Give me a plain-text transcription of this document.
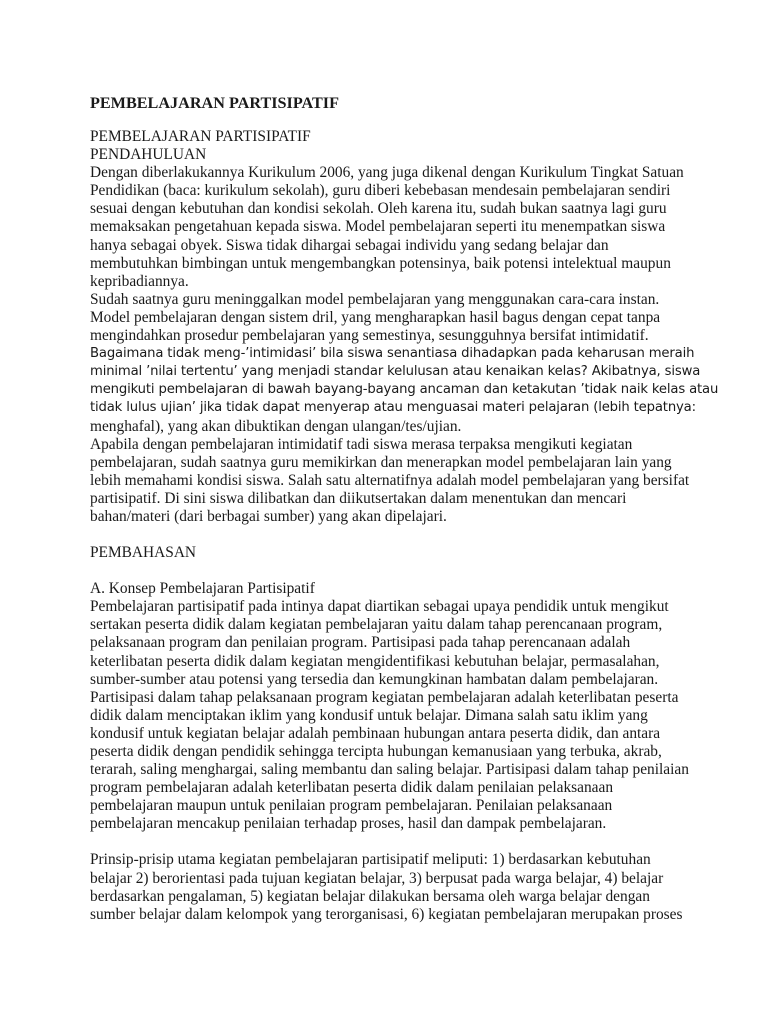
PEMBELAJARAN PARTISIPATIF
PEMBELAJARAN PARTISIPATIF
PENDAHULUAN
Dengan diberlakukannya Kurikulum 2006, yang juga dikenal dengan Kurikulum Tingkat Satuan
Pendidikan (baca: kurikulum sekolah), guru diberi kebebasan mendesain pembelajaran sendiri
sesuai dengan kebutuhan dan kondisi sekolah. Oleh karena itu, sudah bukan saatnya lagi guru
memaksakan pengetahuan kepada siswa. Model pembelajaran seperti itu menempatkan siswa
hanya sebagai obyek. Siswa tidak dihargai sebagai individu yang sedang belajar dan
membutuhkan bimbingan untuk mengembangkan potensinya, baik potensi intelektual maupun
kepribadiannya.
Sudah saatnya guru meninggalkan model pembelajaran yang menggunakan cara-cara instan.
Model pembelajaran dengan sistem dril, yang mengharapkan hasil bagus dengan cepat tanpa
mengindahkan prosedur pembelajaran yang semestinya, sesungguhnya bersifat intimidatif.
Bagaimana tidak meng-’intimidasi’ bila siswa senantiasa dihadapkan pada keharusan meraih
minimal ’nilai tertentu’ yang menjadi standar kelulusan atau kenaikan kelas? Akibatnya, siswa
mengikuti pembelajaran di bawah bayang-bayang ancaman dan ketakutan ’tidak naik kelas atau
tidak lulus ujian’ jika tidak dapat menyerap atau menguasai materi pelajaran (lebih tepatnya:
menghafal), yang akan dibuktikan dengan ulangan/tes/ujian.
Apabila dengan pembelajaran intimidatif tadi siswa merasa terpaksa mengikuti kegiatan
pembelajaran, sudah saatnya guru memikirkan dan menerapkan model pembelajaran lain yang
lebih memahami kondisi siswa. Salah satu alternatifnya adalah model pembelajaran yang bersifat
partisipatif. Di sini siswa dilibatkan dan diikutsertakan dalam menentukan dan mencari
bahan/materi (dari berbagai sumber) yang akan dipelajari.
PEMBAHASAN
A. Konsep Pembelajaran Partisipatif
Pembelajaran partisipatif pada intinya dapat diartikan sebagai upaya pendidik untuk mengikut
sertakan peserta didik dalam kegiatan pembelajaran yaitu dalam tahap perencanaan program,
pelaksanaan program dan penilaian program. Partisipasi pada tahap perencanaan adalah
keterlibatan peserta didik dalam kegiatan mengidentifikasi kebutuhan belajar, permasalahan,
sumber-sumber atau potensi yang tersedia dan kemungkinan hambatan dalam pembelajaran.
Partisipasi dalam tahap pelaksanaan program kegiatan pembelajaran adalah keterlibatan peserta
didik dalam menciptakan iklim yang kondusif untuk belajar. Dimana salah satu iklim yang
kondusif untuk kegiatan belajar adalah pembinaan hubungan antara peserta didik, dan antara
peserta didik dengan pendidik sehingga tercipta hubungan kemanusiaan yang terbuka, akrab,
terarah, saling menghargai, saling membantu dan saling belajar. Partisipasi dalam tahap penilaian
program pembelajaran adalah keterlibatan peserta didik dalam penilaian pelaksanaan
pembelajaran maupun untuk penilaian program pembelajaran. Penilaian pelaksanaan
pembelajaran mencakup penilaian terhadap proses, hasil dan dampak pembelajaran.
Prinsip-prisip utama kegiatan pembelajaran partisipatif meliputi: 1) berdasarkan kebutuhan
belajar 2) berorientasi pada tujuan kegiatan belajar, 3) berpusat pada warga belajar, 4) belajar
berdasarkan pengalaman, 5) kegiatan belajar dilakukan bersama oleh warga belajar dengan
sumber belajar dalam kelompok yang terorganisasi, 6) kegiatan pembelajaran merupakan proses
